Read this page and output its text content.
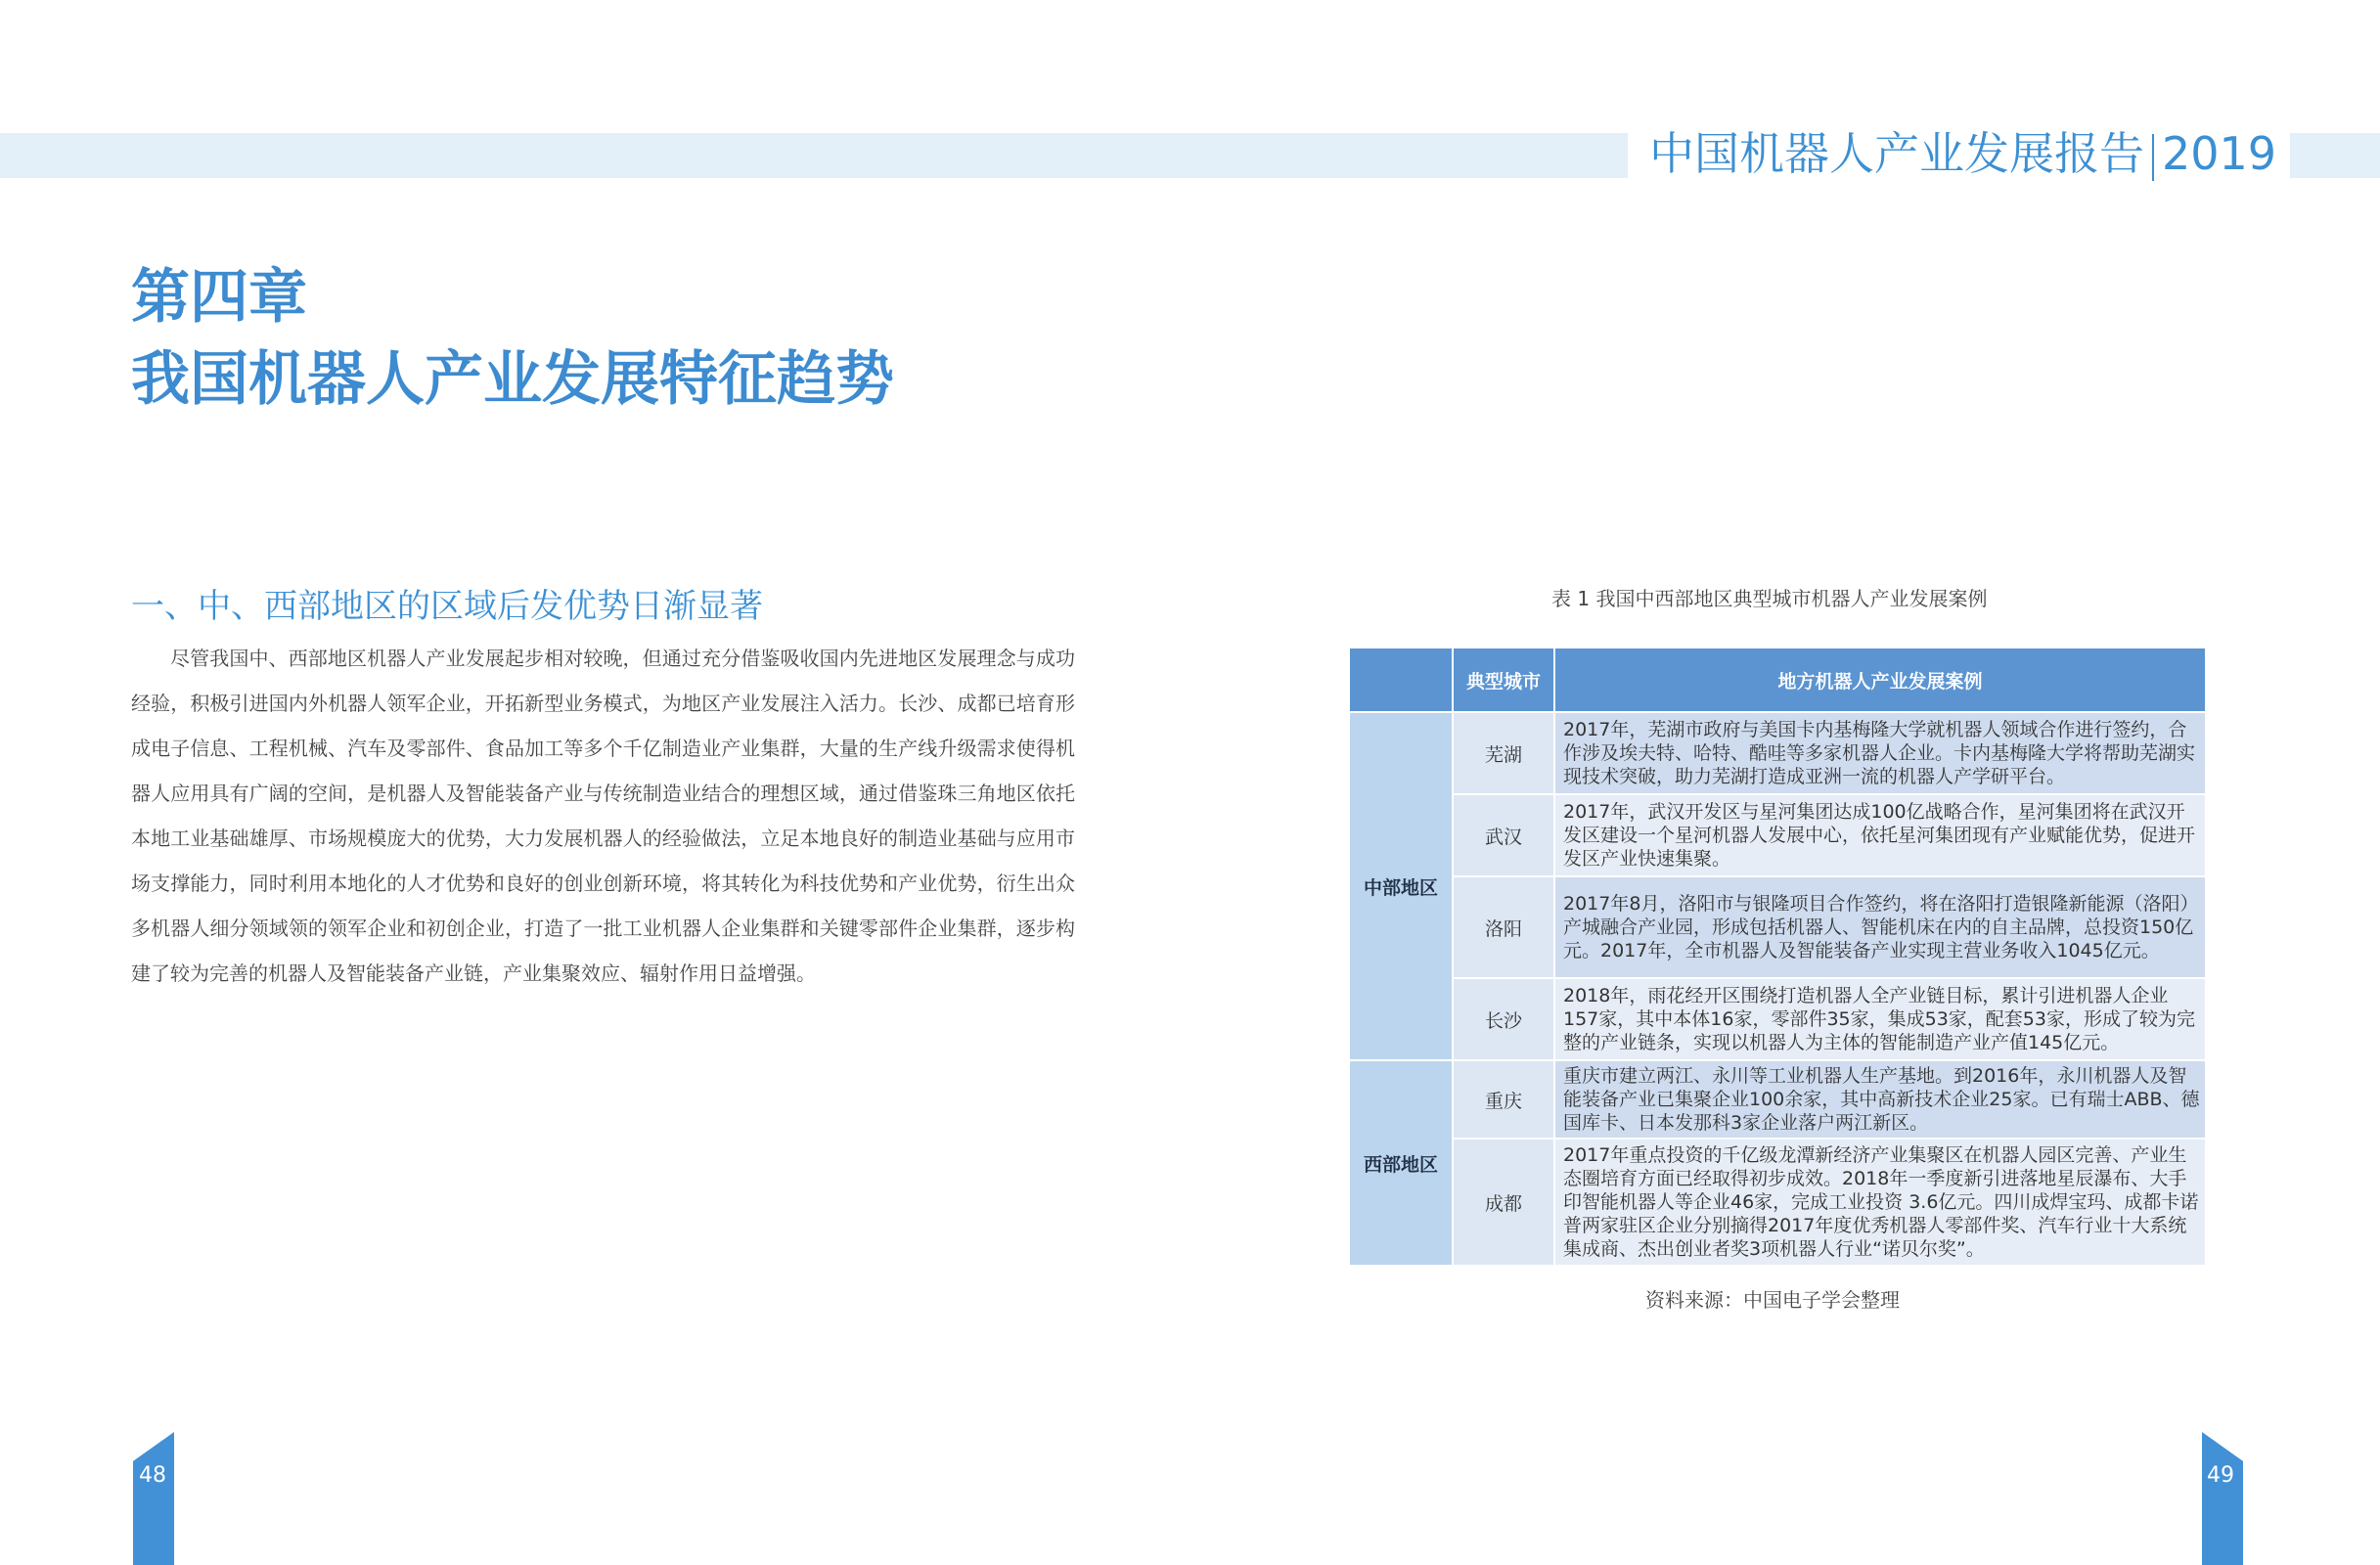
中国机器人产业发展报告 2019
第四章
我国机器人产业发展特征趋势
一、中、西部地区的区域后发优势日渐显著

尽管我国中、西部地区机器人产业发展起步相对较晚，但通过充分借鉴吸收国内先进地区发展理念与成功经验，积极引进国内外机器人领军企业，开拓新型业务模式，为地区产业发展注入活力。长沙、成都已培育形成电子信息、工程机械、汽车及零部件、食品加工等多个千亿制造业产业集群，大量的生产线升级需求使得机器人应用具有广阔的空间，是机器人及智能装备产业与传统制造业结合的理想区域，通过借鉴珠三角地区依托本地工业基础雄厚、市场规模庞大的优势，大力发展机器人的经验做法，立足本地良好的制造业基础与应用市场支撑能力，同时利用本地化的人才优势和良好的创业创新环境，将其转化为科技优势和产业优势，衍生出众多机器人细分领域领的领军企业和初创企业，打造了一批工业机器人企业集群和关键零部件企业集群，逐步构建了较为完善的机器人及智能装备产业链，产业集聚效应、辐射作用日益增强。

表 1 我国中西部地区典型城市机器人产业发展案例
	典型城市	地方机器人产业发展案例
中部地区	芜湖	2017年，芜湖市政府与美国卡内基梅隆大学就机器人领域合作进行签约，合作涉及埃夫特、哈特、酷哇等多家机器人企业。卡内基梅隆大学将帮助芜湖实现技术突破，助力芜湖打造成亚洲一流的机器人产学研平台。
	武汉	2017年，武汉开发区与星河集团达成100亿战略合作，星河集团将在武汉开发区建设一个星河机器人发展中心，依托星河集团现有产业赋能优势，促进开发区产业快速集聚。
	洛阳	2017年8月，洛阳市与银隆项目合作签约，将在洛阳打造银隆新能源（洛阳）产城融合产业园，形成包括机器人、智能机床在内的自主品牌，总投资150亿元。2017年，全市机器人及智能装备产业实现主营业务收入1045亿元。
	长沙	2018年，雨花经开区围绕打造机器人全产业链目标，累计引进机器人企业157家，其中本体16家，零部件35家，集成53家，配套53家，形成了较为完整的产业链条，实现以机器人为主体的智能制造产业产值145亿元。
西部地区	重庆	重庆市建立两江、永川等工业机器人生产基地。到2016年，永川机器人及智能装备产业已集聚企业100余家，其中高新技术企业25家。已有瑞士ABB、德国库卡、日本发那科3家企业落户两江新区。
	成都	2017年重点投资的千亿级龙潭新经济产业集聚区在机器人园区完善、产业生态圈培育方面已经取得初步成效。2018年一季度新引进落地星辰瀑布、大手印智能机器人等企业46家，完成工业投资 3.6亿元。四川成焊宝玛、成都卡诺普两家驻区企业分别摘得2017年度优秀机器人零部件奖、汽车行业十大系统集成商、杰出创业者奖3项机器人行业“诺贝尔奖”。
资料来源：中国电子学会整理
48	49
